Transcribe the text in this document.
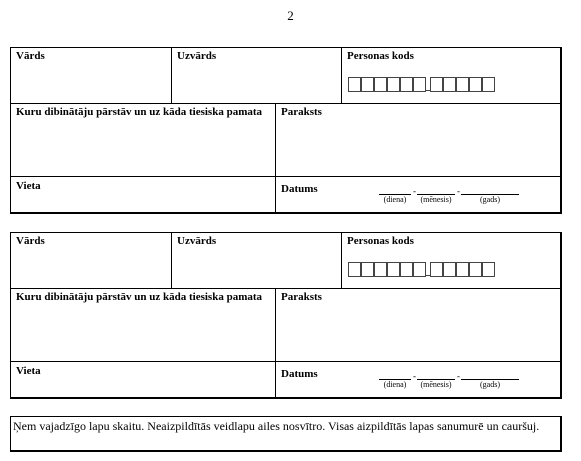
2
Vārds	Uzvārds	Personas kods
Kuru dibinātāju pārstāv un uz kāda tiesiska pamata	Paraksts
Vieta	Datums
(diena)
-
(mēnesis)
-
(gads)
Vārds	Uzvārds	Personas kods
Kuru dibinātāju pārstāv un uz kāda tiesiska pamata	Paraksts
Vieta	Datums
(diena)
-
(mēnesis)
-
(gads)
Ņem vajadzīgo lapu skaitu. Neaizpildītās veidlapu ailes nosvītro. Visas aizpildītās lapas sanumurē un cauršuj.
